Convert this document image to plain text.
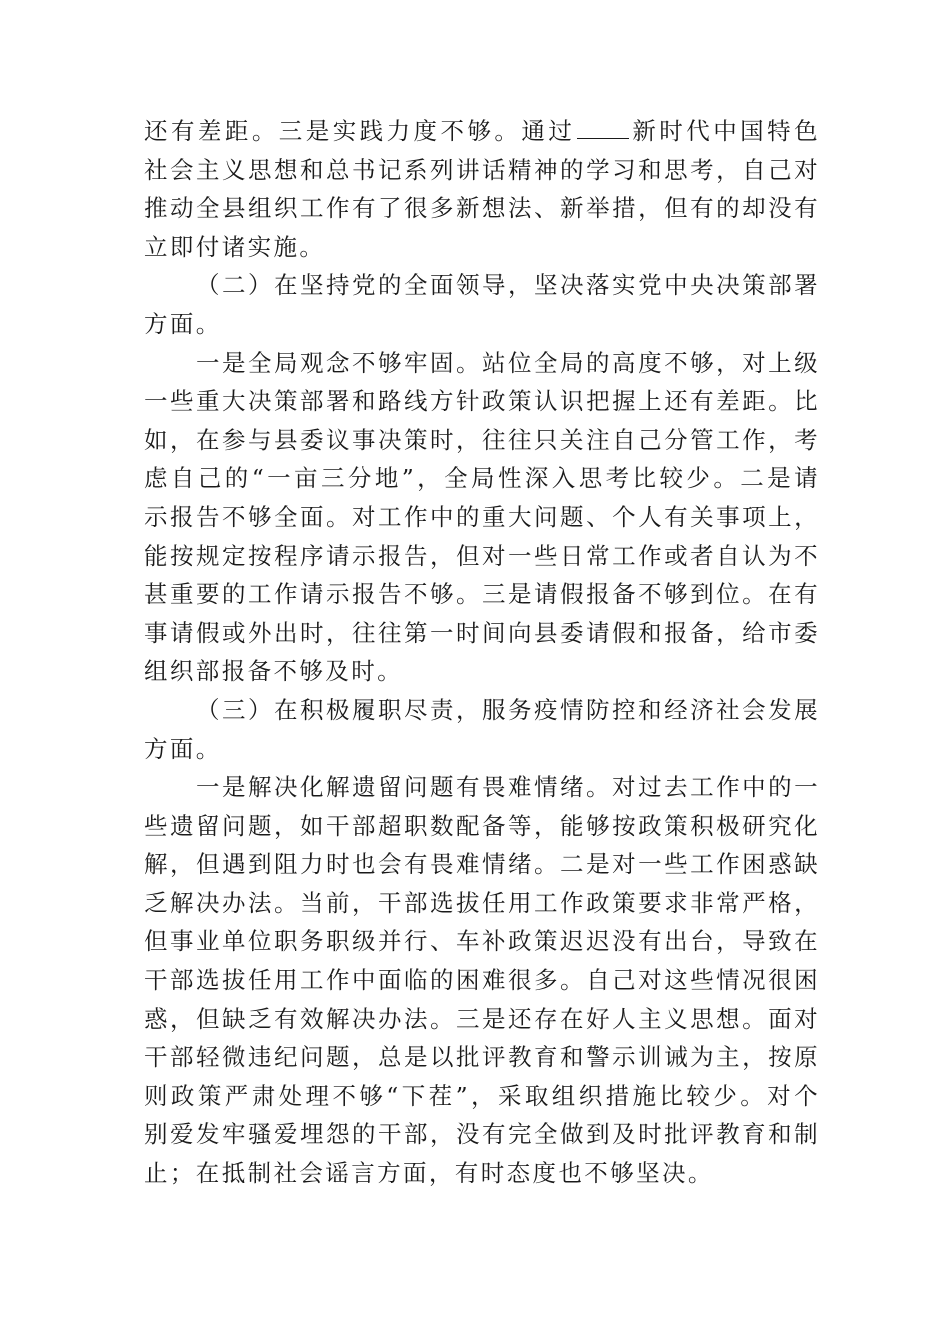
还有差距。三是实践力度不够。通过 新时代中国特色社会主义思想和总书记系列讲话精神的学习和思考，自己对推动全县组织工作有了很多新想法、新举措，但有的却没有立即付诸实施。

（二）在坚持党的全面领导，坚决落实党中央决策部署方面。

一是全局观念不够牢固。站位全局的高度不够，对上级一些重大决策部署和路线方针政策认识把握上还有差距。比如，在参与县委议事决策时，往往只关注自己分管工作，考虑自己的“一亩三分地”，全局性深入思考比较少。二是请示报告不够全面。对工作中的重大问题、个人有关事项上，能按规定按程序请示报告，但对一些日常工作或者自认为不甚重要的工作请示报告不够。三是请假报备不够到位。在有事请假或外出时，往往第一时间向县委请假和报备，给市委组织部报备不够及时。

（三）在积极履职尽责，服务疫情防控和经济社会发展方面。

一是解决化解遗留问题有畏难情绪。对过去工作中的一些遗留问题，如干部超职数配备等，能够按政策积极研究化解，但遇到阻力时也会有畏难情绪。二是对一些工作困惑缺乏解决办法。当前，干部选拔任用工作政策要求非常严格，但事业单位职务职级并行、车补政策迟迟没有出台，导致在干部选拔任用工作中面临的困难很多。自己对这些情况很困惑，但缺乏有效解决办法。三是还存在好人主义思想。面对干部轻微违纪问题，总是以批评教育和警示训诫为主，按原则政策严肃处理不够“下茬”，采取组织措施比较少。对个别爱发牢骚爱埋怨的干部，没有完全做到及时批评教育和制止；在抵制社会谣言方面，有时态度也不够坚决。
